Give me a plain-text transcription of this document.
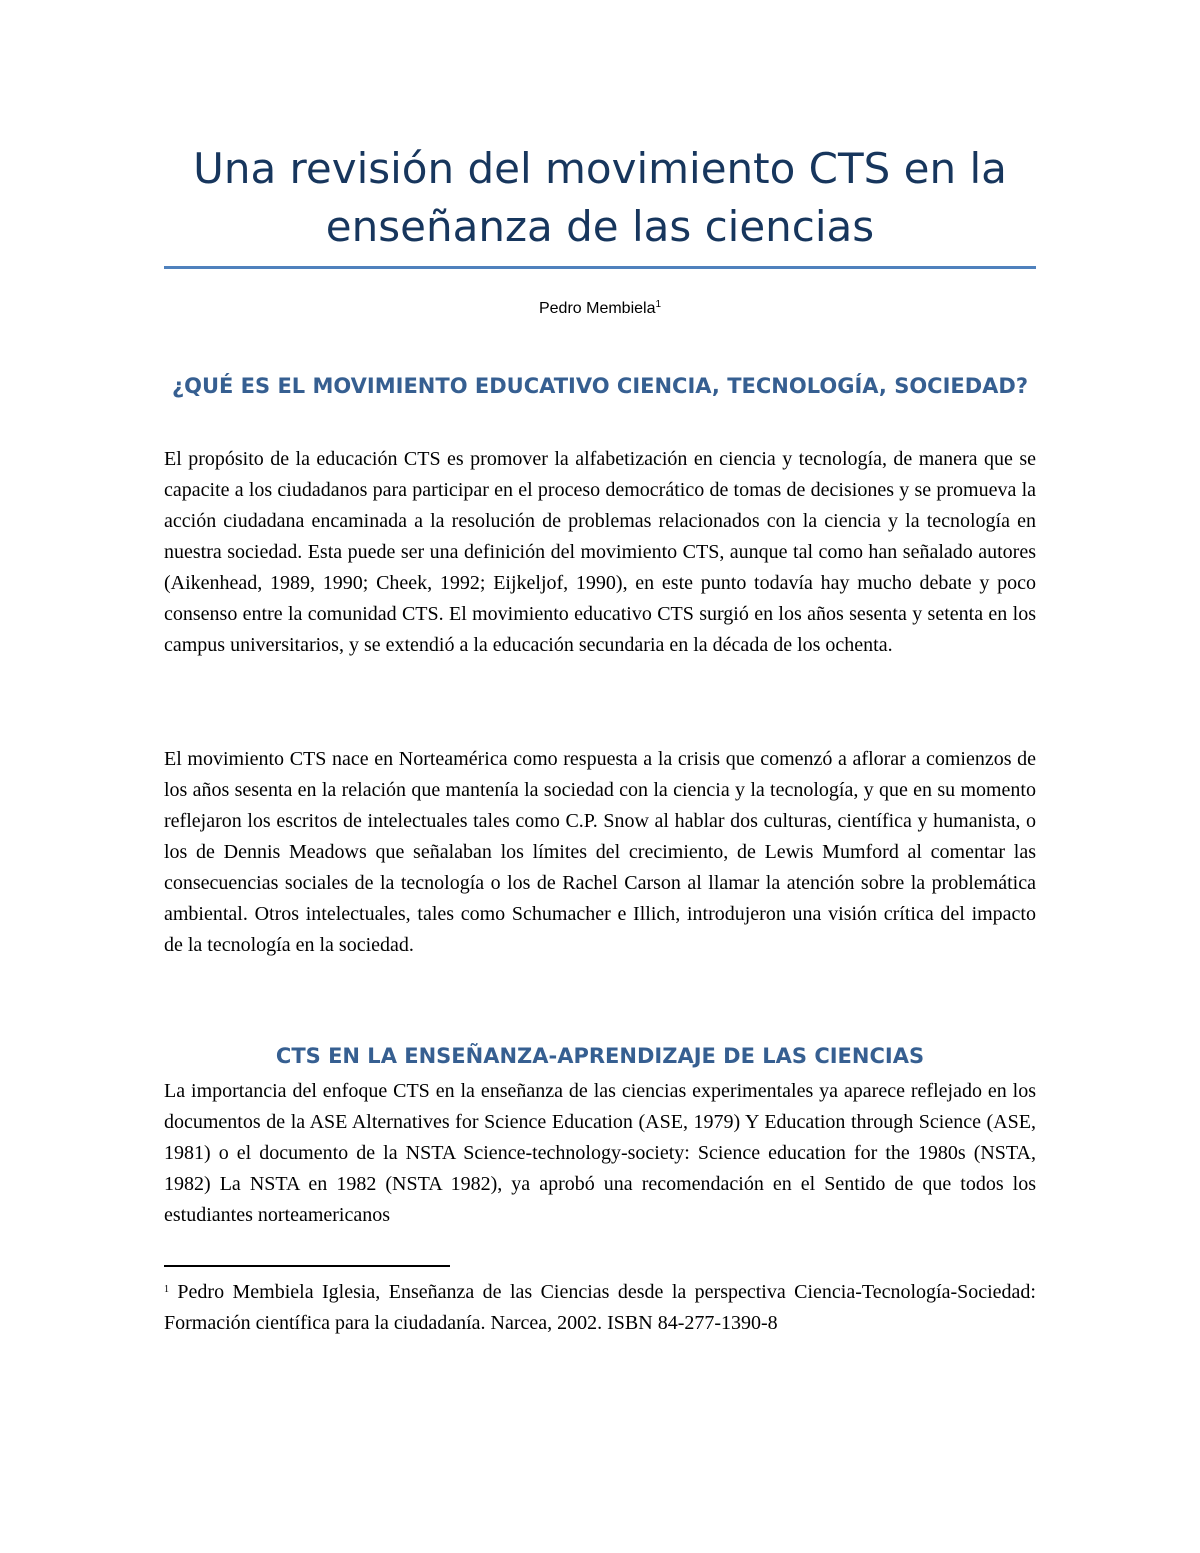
Una revisión del movimiento CTS en la enseñanza de las ciencias

Pedro Membiela$^1$

¿QUÉ ES EL MOVIMIENTO EDUCATIVO CIENCIA, TECNOLOGÍA, SOCIEDAD?

El propósito de la educación CTS es promover la alfabetización en ciencia y tecnología, de manera que se capacite a los ciudadanos para participar en el proceso democrático de tomas de decisiones y se promueva la acción ciudadana encaminada a la resolución de problemas relacionados con la ciencia y la tecnología en nuestra sociedad. Esta puede ser una definición del movimiento CTS, aunque tal como han señalado autores (Aikenhead, 1989, 1990; Cheek, 1992; Eijkeljof, 1990), en este punto todavía hay mucho debate y poco consenso entre la comunidad CTS. El movimiento educativo CTS surgió en los años sesenta y setenta en los campus universitarios, y se extendió a la educación secundaria en la década de los ochenta.

El movimiento CTS nace en Norteamérica como respuesta a la crisis que comenzó a aflorar a comienzos de los años sesenta en la relación que mantenía la sociedad con la ciencia y la tecnología, y que en su momento reflejaron los escritos de intelectuales tales como C.P. Snow al hablar dos culturas, científica y humanista, o los de Dennis Meadows que señalaban los límites del crecimiento, de Lewis Mumford al comentar las consecuencias sociales de la tecnología o los de Rachel Carson al llamar la atención sobre la problemática ambiental. Otros intelectuales, tales como Schumacher e Illich, introdujeron una visión crítica del impacto de la tecnología en la sociedad.

CTS EN LA ENSEÑANZA-APRENDIZAJE DE LAS CIENCIAS

La importancia del enfoque CTS en la enseñanza de las ciencias experimentales ya aparece reflejado en los documentos de la ASE Alternatives for Science Education (ASE, 1979) Y Education through Science (ASE, 1981) o el documento de la NSTA Science-technology-society: Science education for the 1980s (NSTA, 1982) La NSTA en 1982 (NSTA 1982), ya aprobó una recomendación en el Sentido de que todos los estudiantes norteamericanos

$^1$ Pedro Membiela Iglesia, Enseñanza de las Ciencias desde la perspectiva Ciencia-Tecnología-Sociedad: Formación científica para la ciudadanía. Narcea, 2002. ISBN 84-277-1390-8
